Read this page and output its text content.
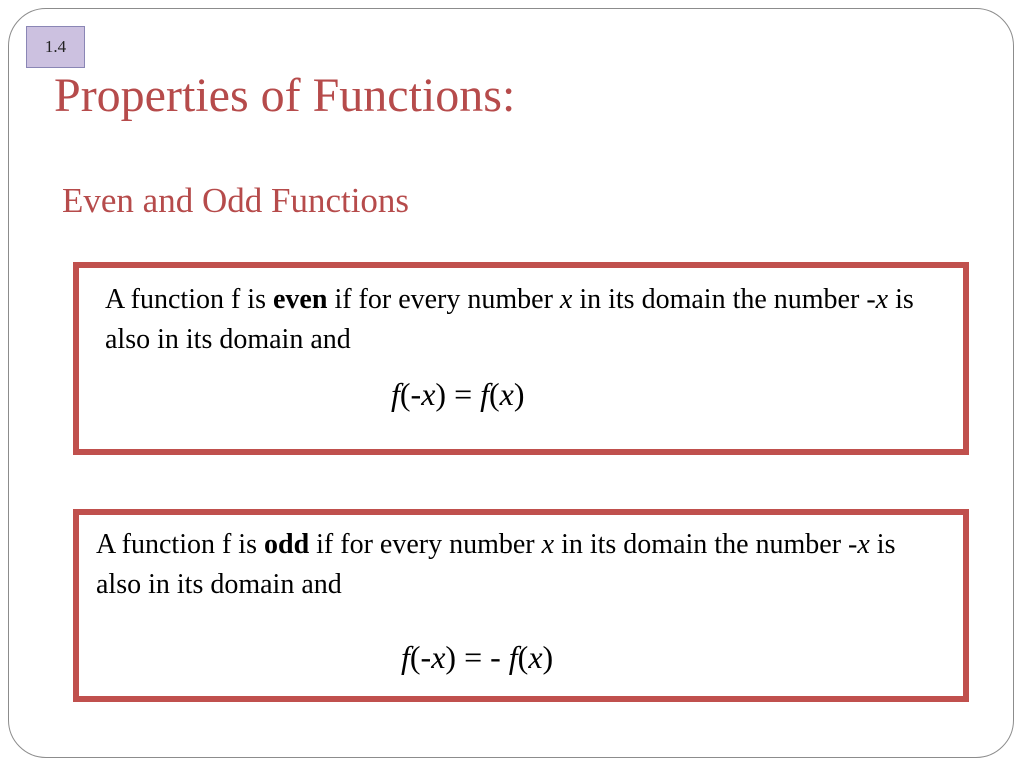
1.4
Properties of Functions:
Even and Odd Functions
A function f is even if for every number x in its domain the number -x is also in its domain and
f(-x) = f(x)
A function f is odd if for every number x in its domain the number -x is also in its domain and
f(-x) = - f(x)
